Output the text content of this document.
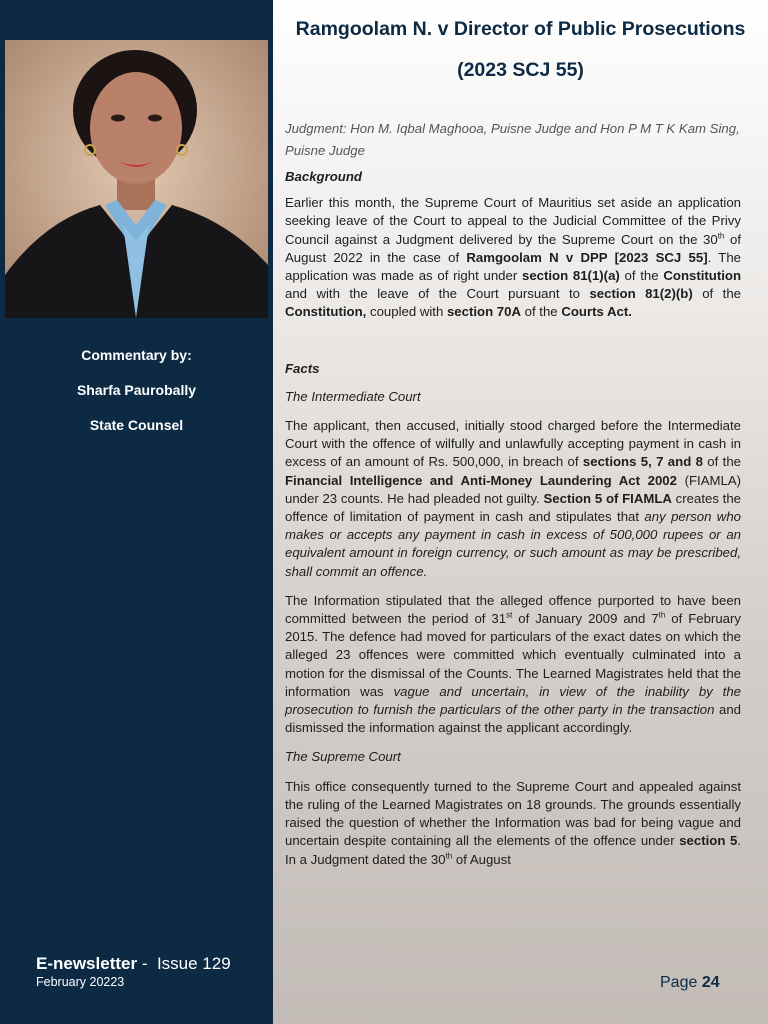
Commentary by:
Sharfa Paurobally
State Counsel
E-newsletter -  Issue 129
February 20223
Ramgoolam N. v Director of Public Prosecutions
(2023 SCJ 55)

Judgment: Hon M. Iqbal Maghooa, Puisne Judge and Hon P M T K Kam Sing, Puisne Judge

Background

Earlier this month, the Supreme Court of Mauritius set aside an application seeking leave of the Court to appeal to the Judicial Committee of the Privy Council against a Judgment delivered by the Supreme Court on the 30th of August 2022 in the case of Ramgoolam N v DPP [2023 SCJ 55]. The application was made as of right under section 81(1)(a) of the Constitution and with the leave of the Court pursuant to section 81(2)(b) of the Constitution, coupled with section 70A of the Courts Act.

Facts

The Intermediate Court

The applicant, then accused, initially stood charged before the Intermediate Court with the offence of wilfully and unlawfully accepting payment in cash in excess of an amount of Rs. 500,000, in breach of sections 5, 7 and 8 of the Financial Intelligence and Anti-Money Laundering Act 2002 (FIAMLA) under 23 counts. He had pleaded not guilty. Section 5 of FIAMLA creates the offence of limitation of payment in cash and stipulates that any person who makes or accepts any payment in cash in excess of 500,000 rupees or an equivalent amount in foreign currency, or such amount as may be prescribed, shall commit an offence.

The Information stipulated that the alleged offence purported to have been committed between the period of 31st of January 2009 and 7th of February 2015. The defence had moved for particulars of the exact dates on which the alleged 23 offences were committed which eventually culminated into a motion for the dismissal of the Counts. The Learned Magistrates held that the information was vague and uncertain, in view of the inability by the prosecution to furnish the particulars of the other party in the transaction and dismissed the information against the applicant accordingly.

The Supreme Court

This office consequently turned to the Supreme Court and appealed against the ruling of the Learned Magistrates on 18 grounds. The grounds essentially raised the question of whether the Information was bad for being vague and uncertain despite containing all the elements of the offence under section 5. In a Judgment dated the 30th of August

Page 24
